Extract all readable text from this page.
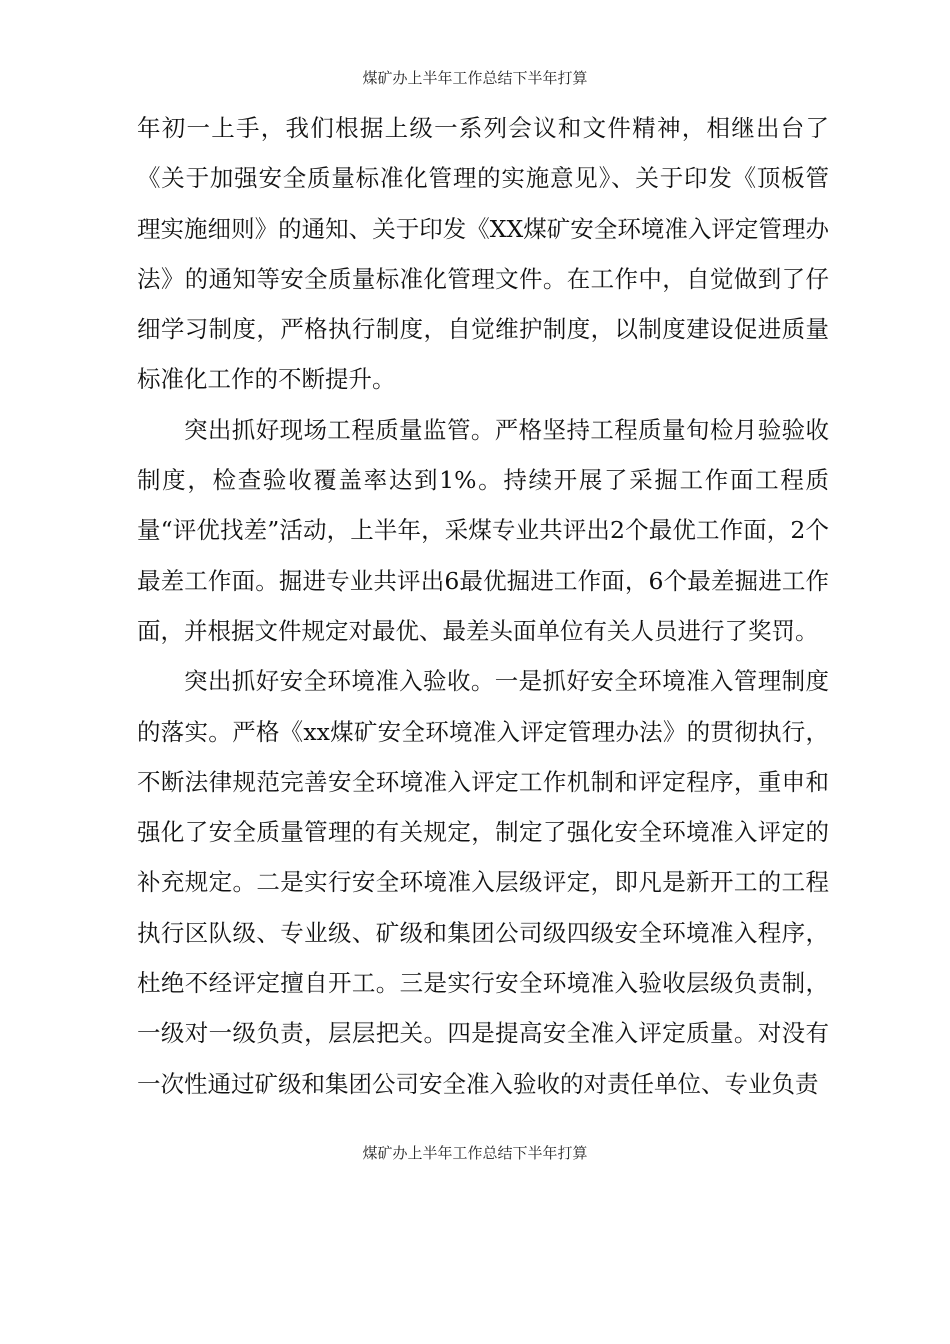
煤矿办上半年工作总结下半年打算

年初一上手，我们根据上级一系列会议和文件精神，相继出台了《关于加强安全质量标准化管理的实施意见》、关于印发《顶板管理实施细则》的通知、关于印发《XX煤矿安全环境准入评定管理办法》的通知等安全质量标准化管理文件。在工作中，自觉做到了仔细学习制度，严格执行制度，自觉维护制度，以制度建设促进质量标准化工作的不断提升。

突出抓好现场工程质量监管。严格坚持工程质量旬检月验验收制度，检查验收覆盖率达到1%。持续开展了采掘工作面工程质量“评优找差”活动，上半年，采煤专业共评出2个最优工作面，2个最差工作面。掘进专业共评出6最优掘进工作面，6个最差掘进工作面，并根据文件规定对最优、最差头面单位有关人员进行了奖罚。

突出抓好安全环境准入验收。一是抓好安全环境准入管理制度的落实。严格《xx煤矿安全环境准入评定管理办法》的贯彻执行，不断法律规范完善安全环境准入评定工作机制和评定程序，重申和强化了安全质量管理的有关规定，制定了强化安全环境准入评定的补充规定。二是实行安全环境准入层级评定，即凡是新开工的工程执行区队级、专业级、矿级和集团公司级四级安全环境准入程序，杜绝不经评定擅自开工。三是实行安全环境准入验收层级负责制，一级对一级负责，层层把关。四是提高安全准入评定质量。对没有一次性通过矿级和集团公司安全准入验收的对责任单位、专业负责

煤矿办上半年工作总结下半年打算
